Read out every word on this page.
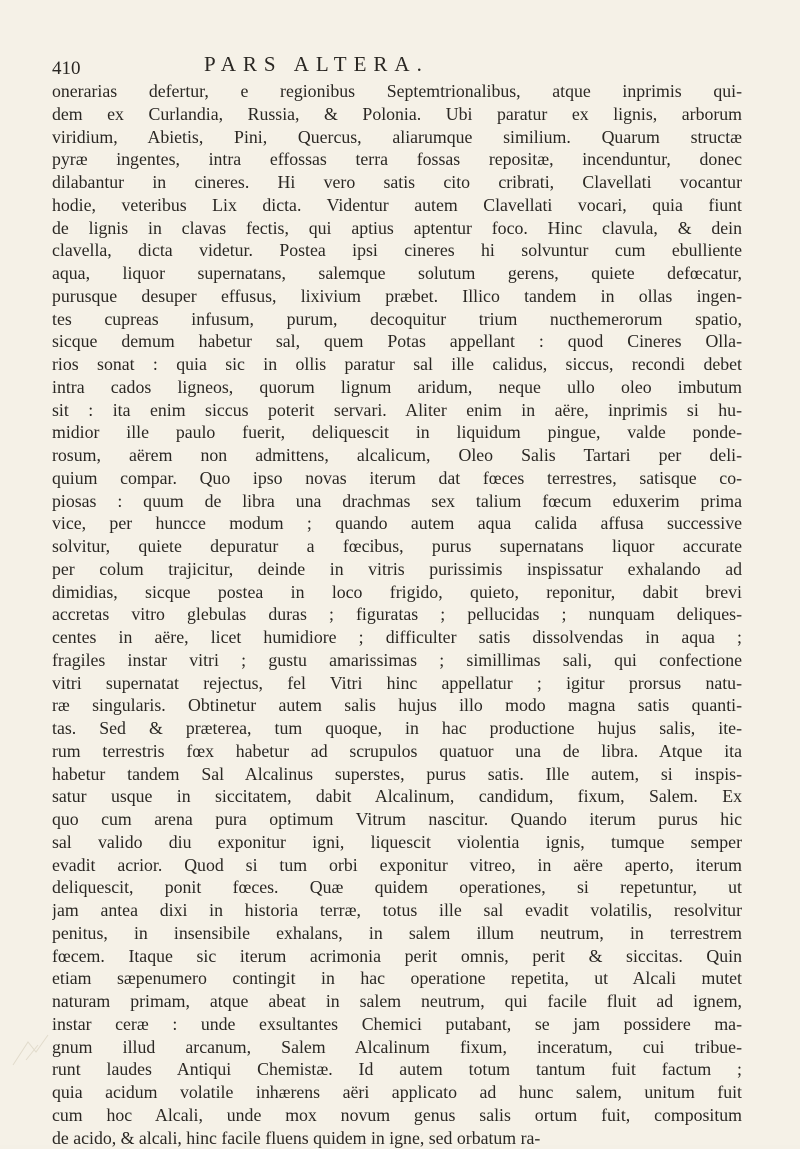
410	PARS ALTERA.
onerarias defertur, e regionibus Septemtrionalibus, atque inprimis qui-
dem ex Curlandia, Russia, & Polonia. Ubi paratur ex lignis, arborum
viridium, Abietis, Pini, Quercus, aliarumque similium. Quarum structæ
pyræ ingentes, intra effossas terra fossas repositæ, incenduntur, donec
dilabantur in cineres. Hi vero satis cito cribrati, Clavellati vocantur
hodie, veteribus Lix dicta. Videntur autem Clavellati vocari, quia fiunt
de lignis in clavas fectis, qui aptius aptentur foco. Hinc clavula, & dein
clavella, dicta videtur. Postea ipsi cineres hi solvuntur cum ebulliente
aqua, liquor supernatans, salemque solutum gerens, quiete defœcatur,
purusque desuper effusus, lixivium præbet. Illico tandem in ollas ingen-
tes cupreas infusum, purum, decoquitur trium nucthemerorum spatio,
sicque demum habetur sal, quem Potas appellant : quod Cineres Olla-
rios sonat : quia sic in ollis paratur sal ille calidus, siccus, recondi debet
intra cados ligneos, quorum lignum aridum, neque ullo oleo imbutum
sit : ita enim siccus poterit servari. Aliter enim in aëre, inprimis si hu-
midior ille paulo fuerit, deliquescit in liquidum pingue, valde ponde-
rosum, aërem non admittens, alcalicum, Oleo Salis Tartari per deli-
quium compar. Quo ipso novas iterum dat fœces terrestres, satisque co-
piosas : quum de libra una drachmas sex talium fœcum eduxerim prima
vice, per huncce modum ; quando autem aqua calida affusa successive
solvitur, quiete depuratur a fœcibus, purus supernatans liquor accurate
per colum trajicitur, deinde in vitris purissimis inspissatur exhalando ad
dimidias, sicque postea in loco frigido, quieto, reponitur, dabit brevi
accretas vitro glebulas duras ; figuratas ; pellucidas ; nunquam deliques-
centes in aëre, licet humidiore ; difficulter satis dissolvendas in aqua ;
fragiles instar vitri ; gustu amarissimas ; simillimas sali, qui confectione
vitri supernatat rejectus, fel Vitri hinc appellatur ; igitur prorsus natu-
ræ singularis. Obtinetur autem salis hujus illo modo magna satis quanti-
tas. Sed & præterea, tum quoque, in hac productione hujus salis, ite-
rum terrestris fœx habetur ad scrupulos quatuor una de libra. Atque ita
habetur tandem Sal Alcalinus superstes, purus satis. Ille autem, si inspis-
satur usque in siccitatem, dabit Alcalinum, candidum, fixum, Salem. Ex
quo cum arena pura optimum Vitrum nascitur. Quando iterum purus hic
sal valido diu exponitur igni, liquescit violentia ignis, tumque semper
evadit acrior. Quod si tum orbi exponitur vitreo, in aëre aperto, iterum
deliquescit, ponit fœces. Quæ quidem operationes, si repetuntur, ut
jam antea dixi in historia terræ, totus ille sal evadit volatilis, resolvitur
penitus, in insensibile exhalans, in salem illum neutrum, in terrestrem
fœcem. Itaque sic iterum acrimonia perit omnis, perit & siccitas. Quin
etiam sæpenumero contingit in hac operatione repetita, ut Alcali mutet
naturam primam, atque abeat in salem neutrum, qui facile fluit ad ignem,
instar ceræ : unde exsultantes Chemici putabant, se jam possidere ma-
gnum illud arcanum, Salem Alcalinum fixum, inceratum, cui tribue-
runt laudes Antiqui Chemistæ. Id autem totum tantum fuit factum ;
quia acidum volatile inhærens aëri applicato ad hunc salem, unitum fuit
cum hoc Alcali, unde mox novum genus salis ortum fuit, compositum
de acido, & alcali, hinc facile fluens quidem in igne, sed orbatum ra-
